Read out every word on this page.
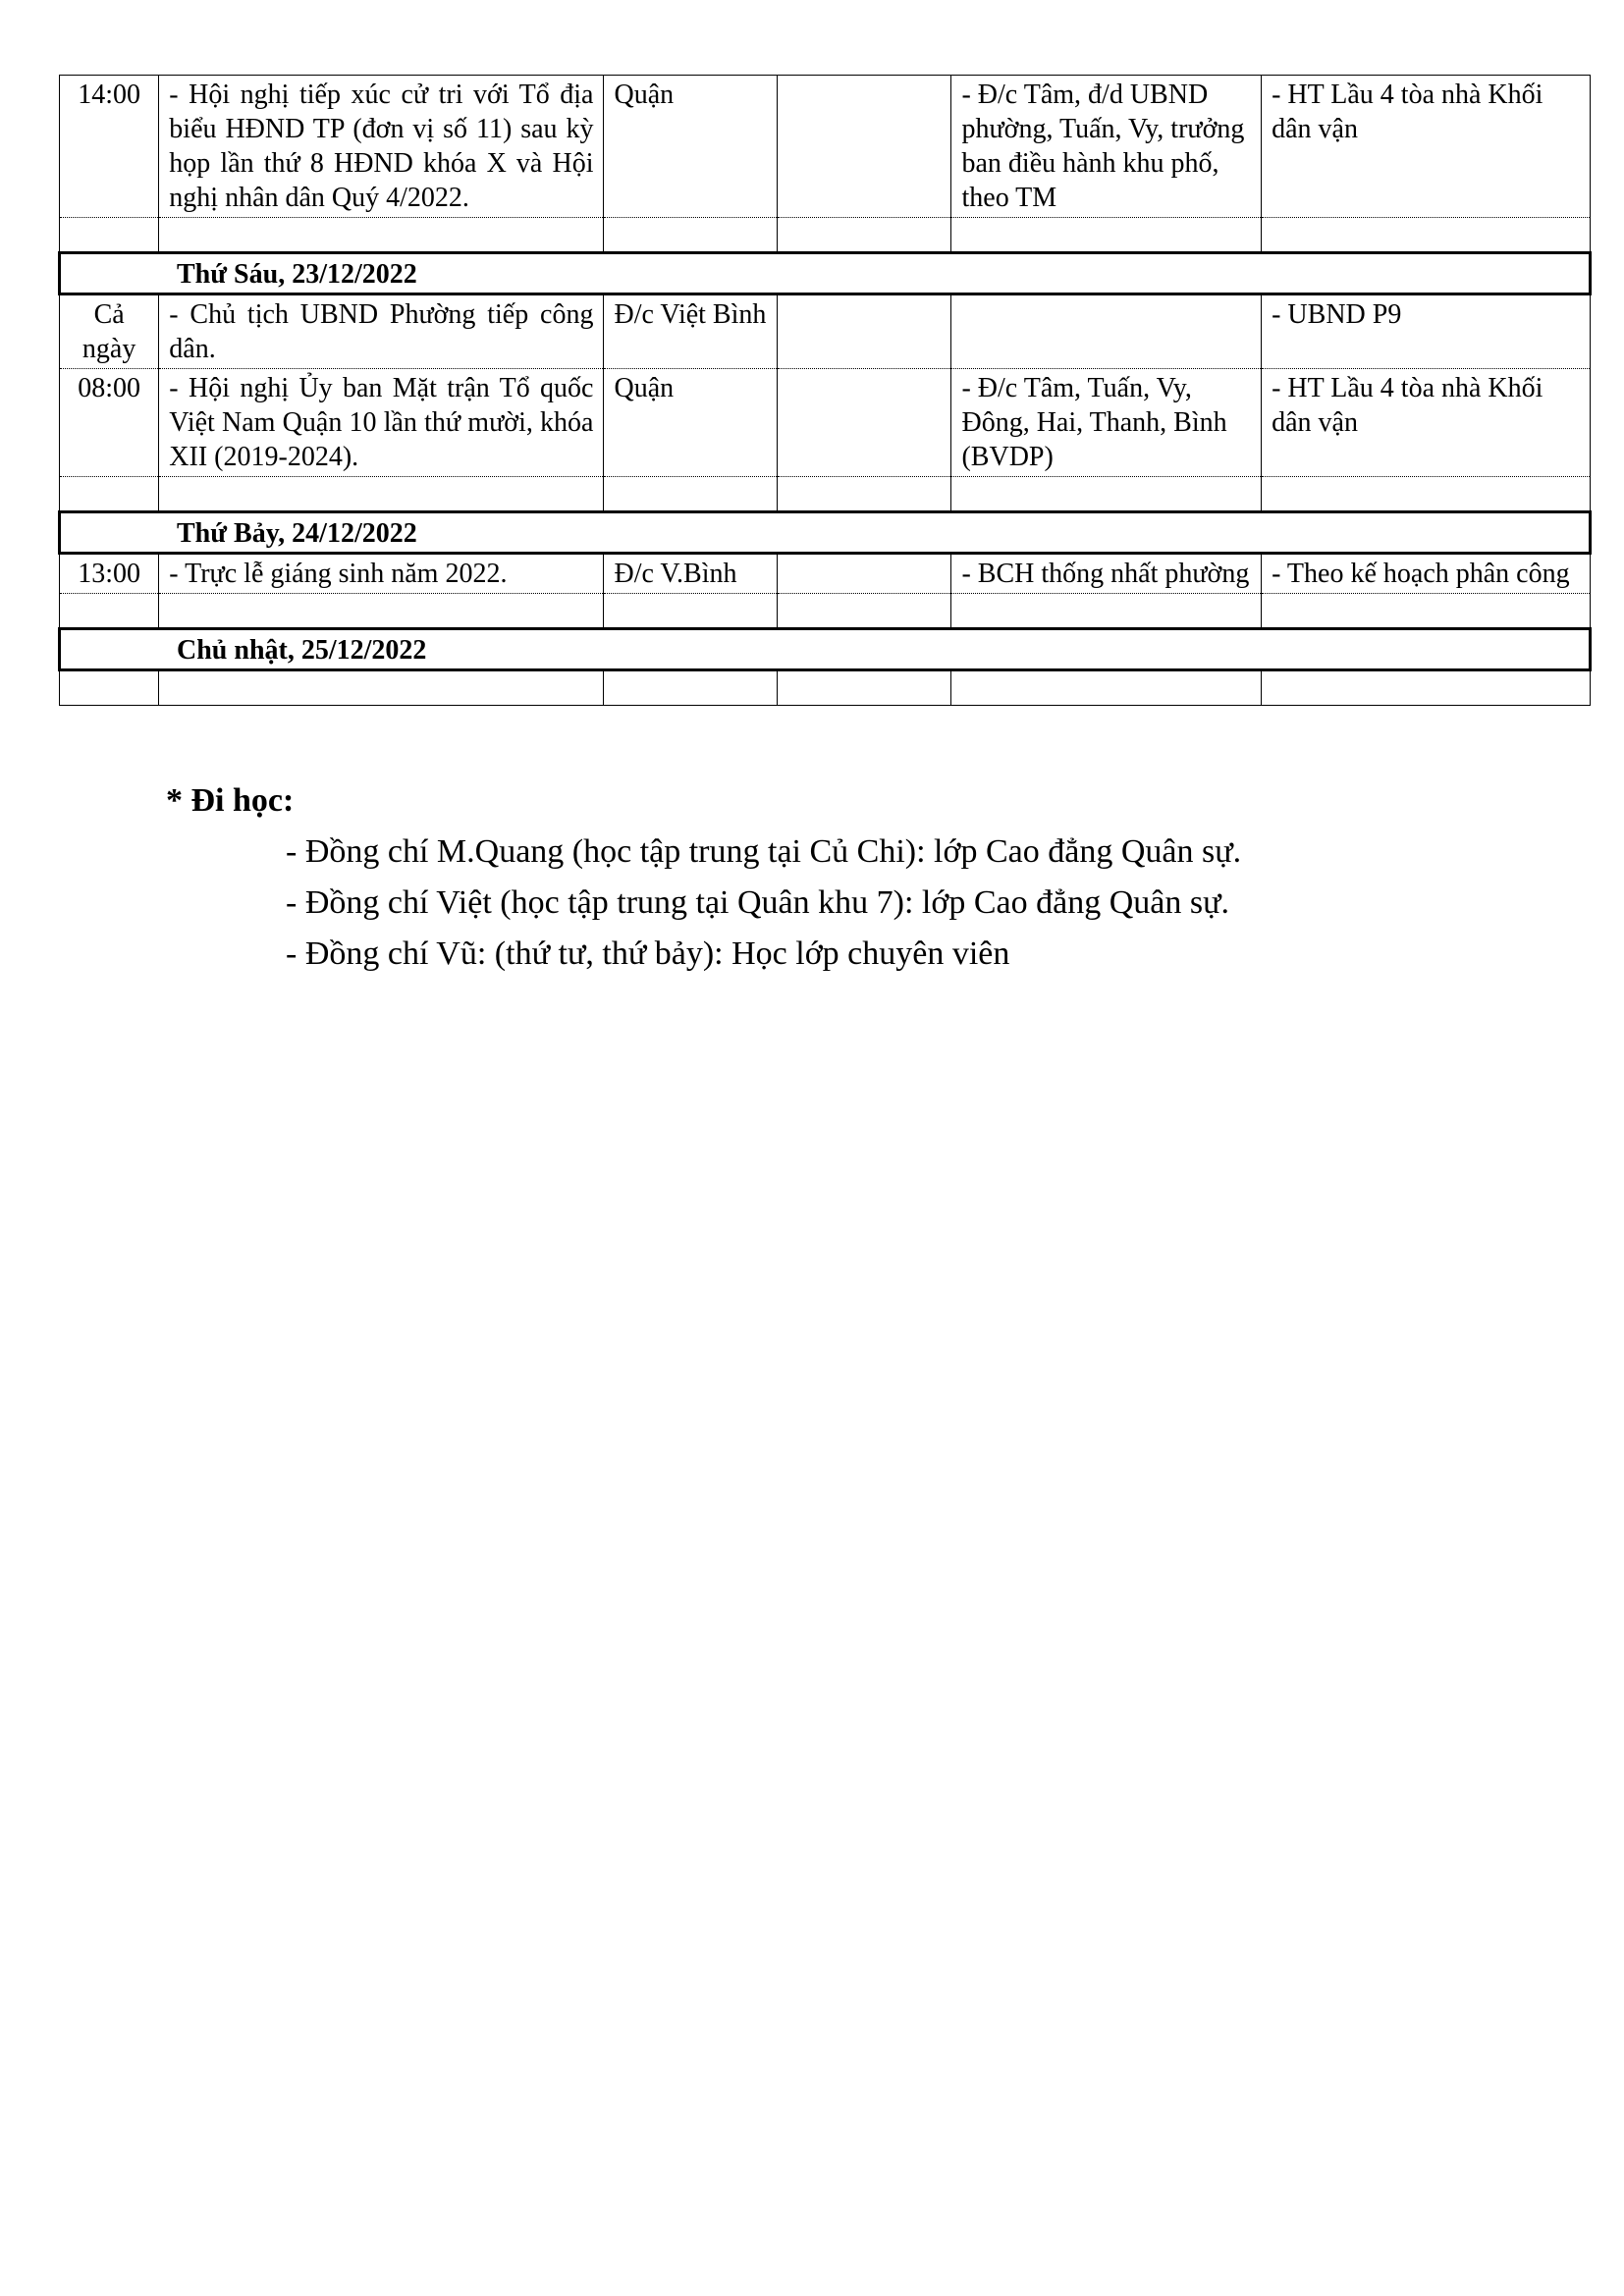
14:00	- Hội nghị tiếp xúc cử tri với Tổ địa biểu HĐND TP (đơn vị số 11) sau kỳ họp lần thứ 8 HĐND khóa X và Hội nghị nhân dân Quý 4/2022.	Quận		- Đ/c Tâm, đ/d UBND phường, Tuấn, Vy, trưởng ban điều hành khu phố, theo TM	- HT Lầu 4 tòa nhà Khối dân vận

Thứ Sáu, 23/12/2022					
Cả ngày	- Chủ tịch UBND Phường tiếp công dân.	Đ/c Việt Bình			- UBND P9
08:00	- Hội nghị Ủy ban Mặt trận Tổ quốc Việt Nam Quận 10 lần thứ mười, khóa XII (2019-2024).	Quận		- Đ/c Tâm, Tuấn, Vy, Đông, Hai, Thanh, Bình (BVDP)	- HT Lầu 4 tòa nhà Khối dân vận

Thứ Bảy, 24/12/2022					
13:00	- Trực lễ giáng sinh năm 2022.	Đ/c V.Bình		- BCH thống nhất phường	- Theo kế hoạch phân công

Chủ nhật, 25/12/2022					

* Đi học:
- Đồng chí M.Quang (học tập trung tại Củ Chi): lớp Cao đẳng Quân sự.
- Đồng chí Việt (học tập trung tại Quân khu 7): lớp Cao đẳng Quân sự.
- Đồng chí Vũ: (thứ tư, thứ bảy): Học lớp chuyên viên
